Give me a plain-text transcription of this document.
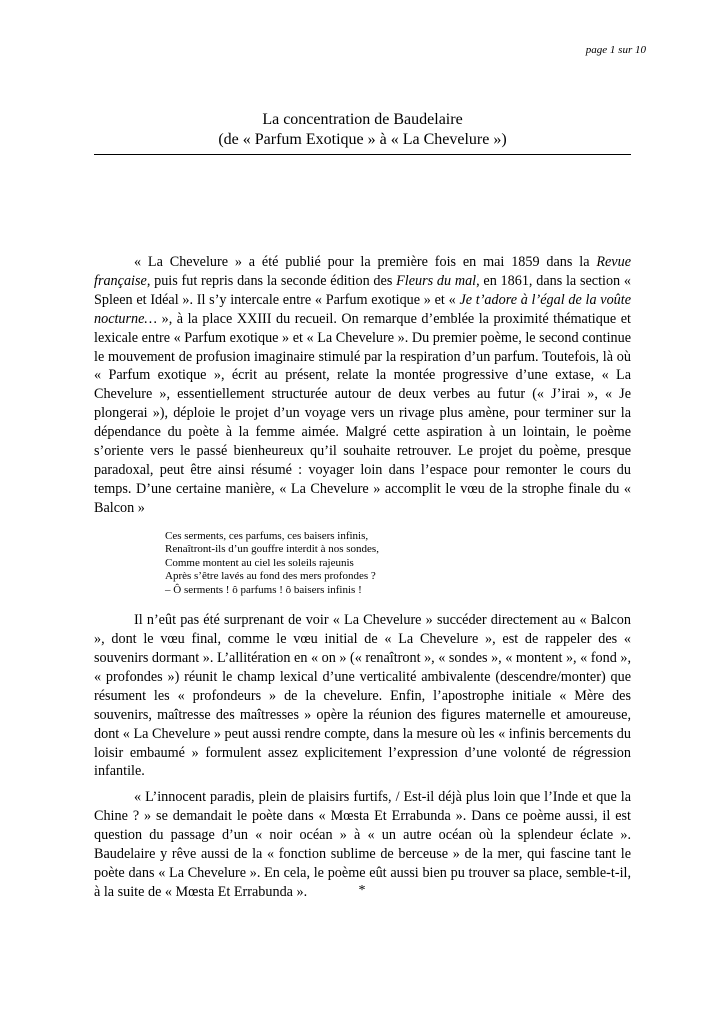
page 1 sur 10
La concentration de Baudelaire
(de « Parfum Exotique » à « La Chevelure »)

« La Chevelure » a été publié pour la première fois en mai 1859 dans la Revue française, puis fut repris dans la seconde édition des Fleurs du mal, en 1861, dans la section « Spleen et Idéal ». Il s’y intercale entre « Parfum exotique » et « Je t’adore à l’égal de la voûte nocturne… », à la place XXIII du recueil. On remarque d’emblée la proximité thématique et lexicale entre « Parfum exotique » et « La Chevelure ». Du premier poème, le second continue le mouvement de profusion imaginaire stimulé par la respiration d’un parfum. Toutefois, là où « Parfum exotique », écrit au présent, relate la montée progressive d’une extase, « La Chevelure », essentiellement structurée autour de deux verbes au futur (« J’irai », « Je plongerai »), déploie le projet d’un voyage vers un rivage plus amène, pour terminer sur la dépendance du poète à la femme aimée. Malgré cette aspiration à un lointain, le poème s’oriente vers le passé bienheureux qu’il souhaite retrouver. Le projet du poème, presque paradoxal, peut être ainsi résumé : voyager loin dans l’espace pour remonter le cours du temps. D’une certaine manière, « La Chevelure » accomplit le vœu de la strophe finale du « Balcon »

Ces serments, ces parfums, ces baisers infinis,
Renaîtront-ils d’un gouffre interdit à nos sondes,
Comme montent au ciel les soleils rajeunis
Après s’être lavés au fond des mers profondes ?
– Ô serments ! ô parfums ! ô baisers infinis !

Il n’eût pas été surprenant de voir « La Chevelure » succéder directement au « Balcon », dont le vœu final, comme le vœu initial de « La Chevelure », est de rappeler des « souvenirs dormant ». L’allitération en « on » (« renaîtront », « sondes », « montent », « fond », « profondes ») réunit le champ lexical d’une verticalité ambivalente (descendre/monter) que résument les « profondeurs » de la chevelure. Enfin, l’apostrophe initiale « Mère des souvenirs, maîtresse des maîtresses » opère la réunion des figures maternelle et amoureuse, dont « La Chevelure » peut aussi rendre compte, dans la mesure où les « infinis bercements du loisir embaumé » formulent assez explicitement l’expression d’une volonté de régression infantile.

« L’innocent paradis, plein de plaisirs furtifs, / Est-il déjà plus loin que l’Inde et que la Chine ? » se demandait le poète dans « Mœsta Et Errabunda ». Dans ce poème aussi, il est question du passage d’un « noir océan » à « un autre océan où la splendeur éclate ». Baudelaire y rêve aussi de la « fonction sublime de berceuse » de la mer, qui fascine tant le poète dans « La Chevelure ». En cela, le poème eût aussi bien pu trouver sa place, semble-t-il, à la suite de « Mœsta Et Errabunda ».	*
